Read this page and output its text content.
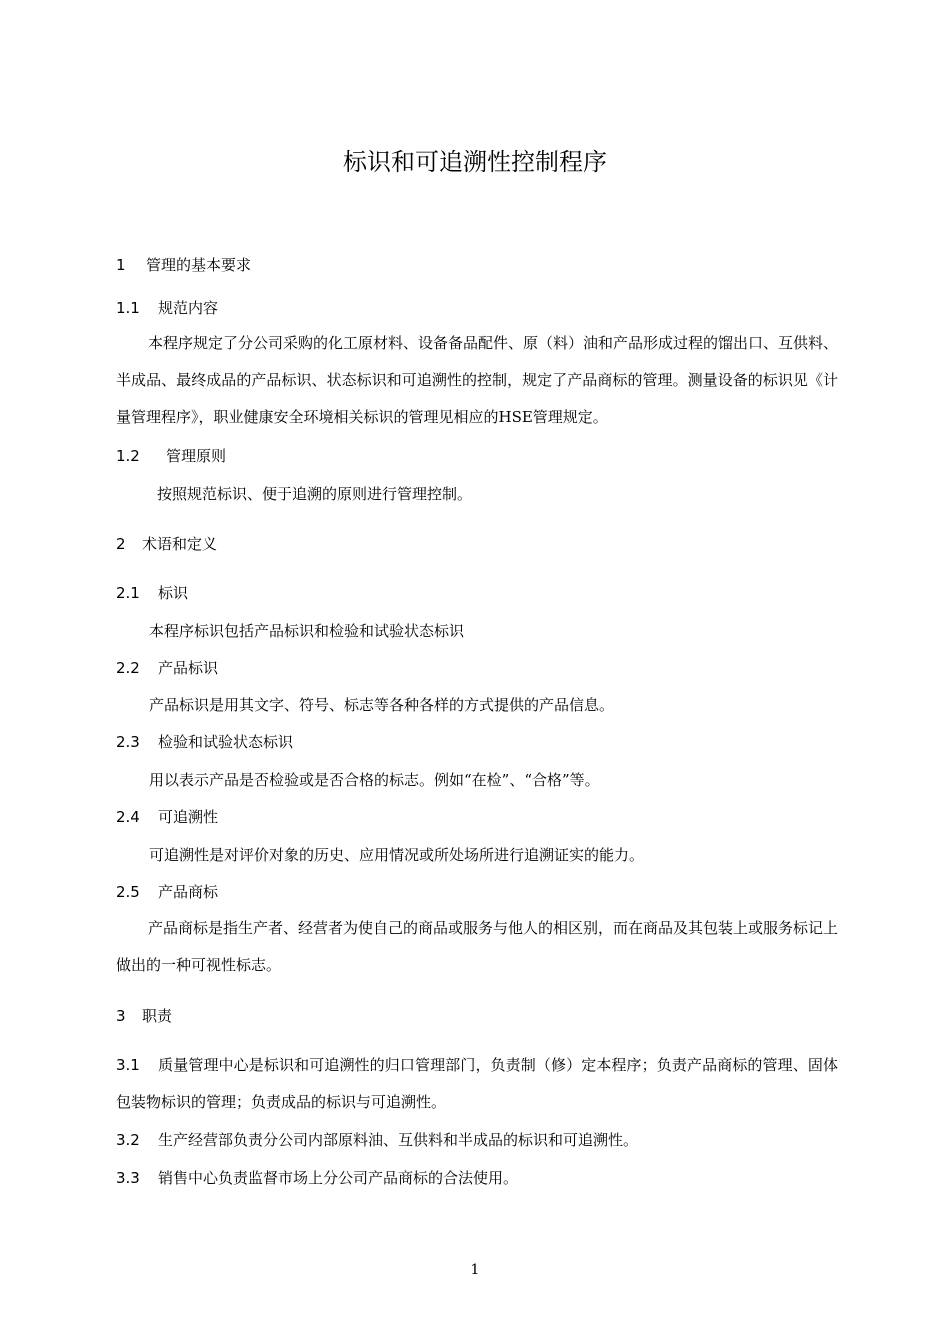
标识和可追溯性控制程序
1 管理的基本要求
1.1 规范内容
本程序规定了分公司采购的化工原材料、设备备品配件、原（料）油和产品形成过程的馏出口、互供料、半成品、最终成品的产品标识、状态标识和可追溯性的控制，规定了产品商标的管理。测量设备的标识见《计量管理程序》，职业健康安全环境相关标识的管理见相应的HSE管理规定。
1.2 管理原则
按照规范标识、便于追溯的原则进行管理控制。
2 术语和定义
2.1 标识
本程序标识包括产品标识和检验和试验状态标识
2.2 产品标识
产品标识是用其文字、符号、标志等各种各样的方式提供的产品信息。
2.3 检验和试验状态标识
用以表示产品是否检验或是否合格的标志。例如“在检”、“合格”等。
2.4 可追溯性
可追溯性是对评价对象的历史、应用情况或所处场所进行追溯证实的能力。
2.5 产品商标
产品商标是指生产者、经营者为使自己的商品或服务与他人的相区别，而在商品及其包装上或服务标记上做出的一种可视性标志。
3 职责
3.1 质量管理中心是标识和可追溯性的归口管理部门，负责制（修）定本程序；负责产品商标的管理、固体包装物标识的管理；负责成品的标识与可追溯性。
3.2 生产经营部负责分公司内部原料油、互供料和半成品的标识和可追溯性。
3.3 销售中心负责监督市场上分公司产品商标的合法使用。
1
